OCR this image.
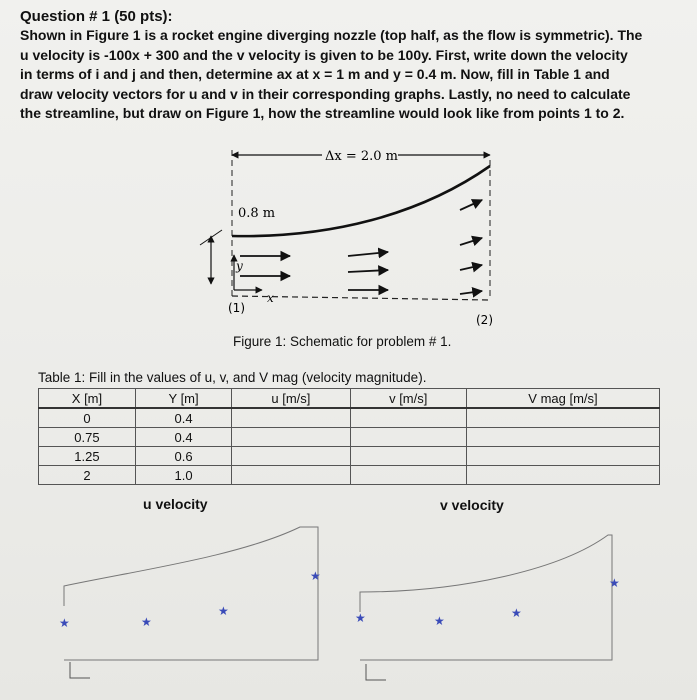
Question # 1 (50 pts):
Shown in Figure 1 is a rocket engine diverging nozzle (top half, as the flow is symmetric). The
u velocity is -100x + 300 and the v velocity is given to be 100y. First, write down the velocity
in terms of i and j and then, determine ax at x = 1 m and y = 0.4 m. Now, fill in Table 1 and
draw velocity vectors for u and v in their corresponding graphs. Lastly, no need to calculate
the streamline, but draw on Figure 1, how the streamline would look like from points 1 to 2.
Δx = 2.0 m
0.8 m
y
x
(1)
(2)
★	★
★
★
★	★
★
★
Figure 1: Schematic for problem # 1.
Table 1: Fill in the values of u, v, and V mag (velocity magnitude).
X [m]	Y [m]	u [m/s]	v [m/s]	V mag [m/s]
0	0.4			
0.75	0.4			
1.25	0.6			
2	1.0			
u velocity	v velocity
